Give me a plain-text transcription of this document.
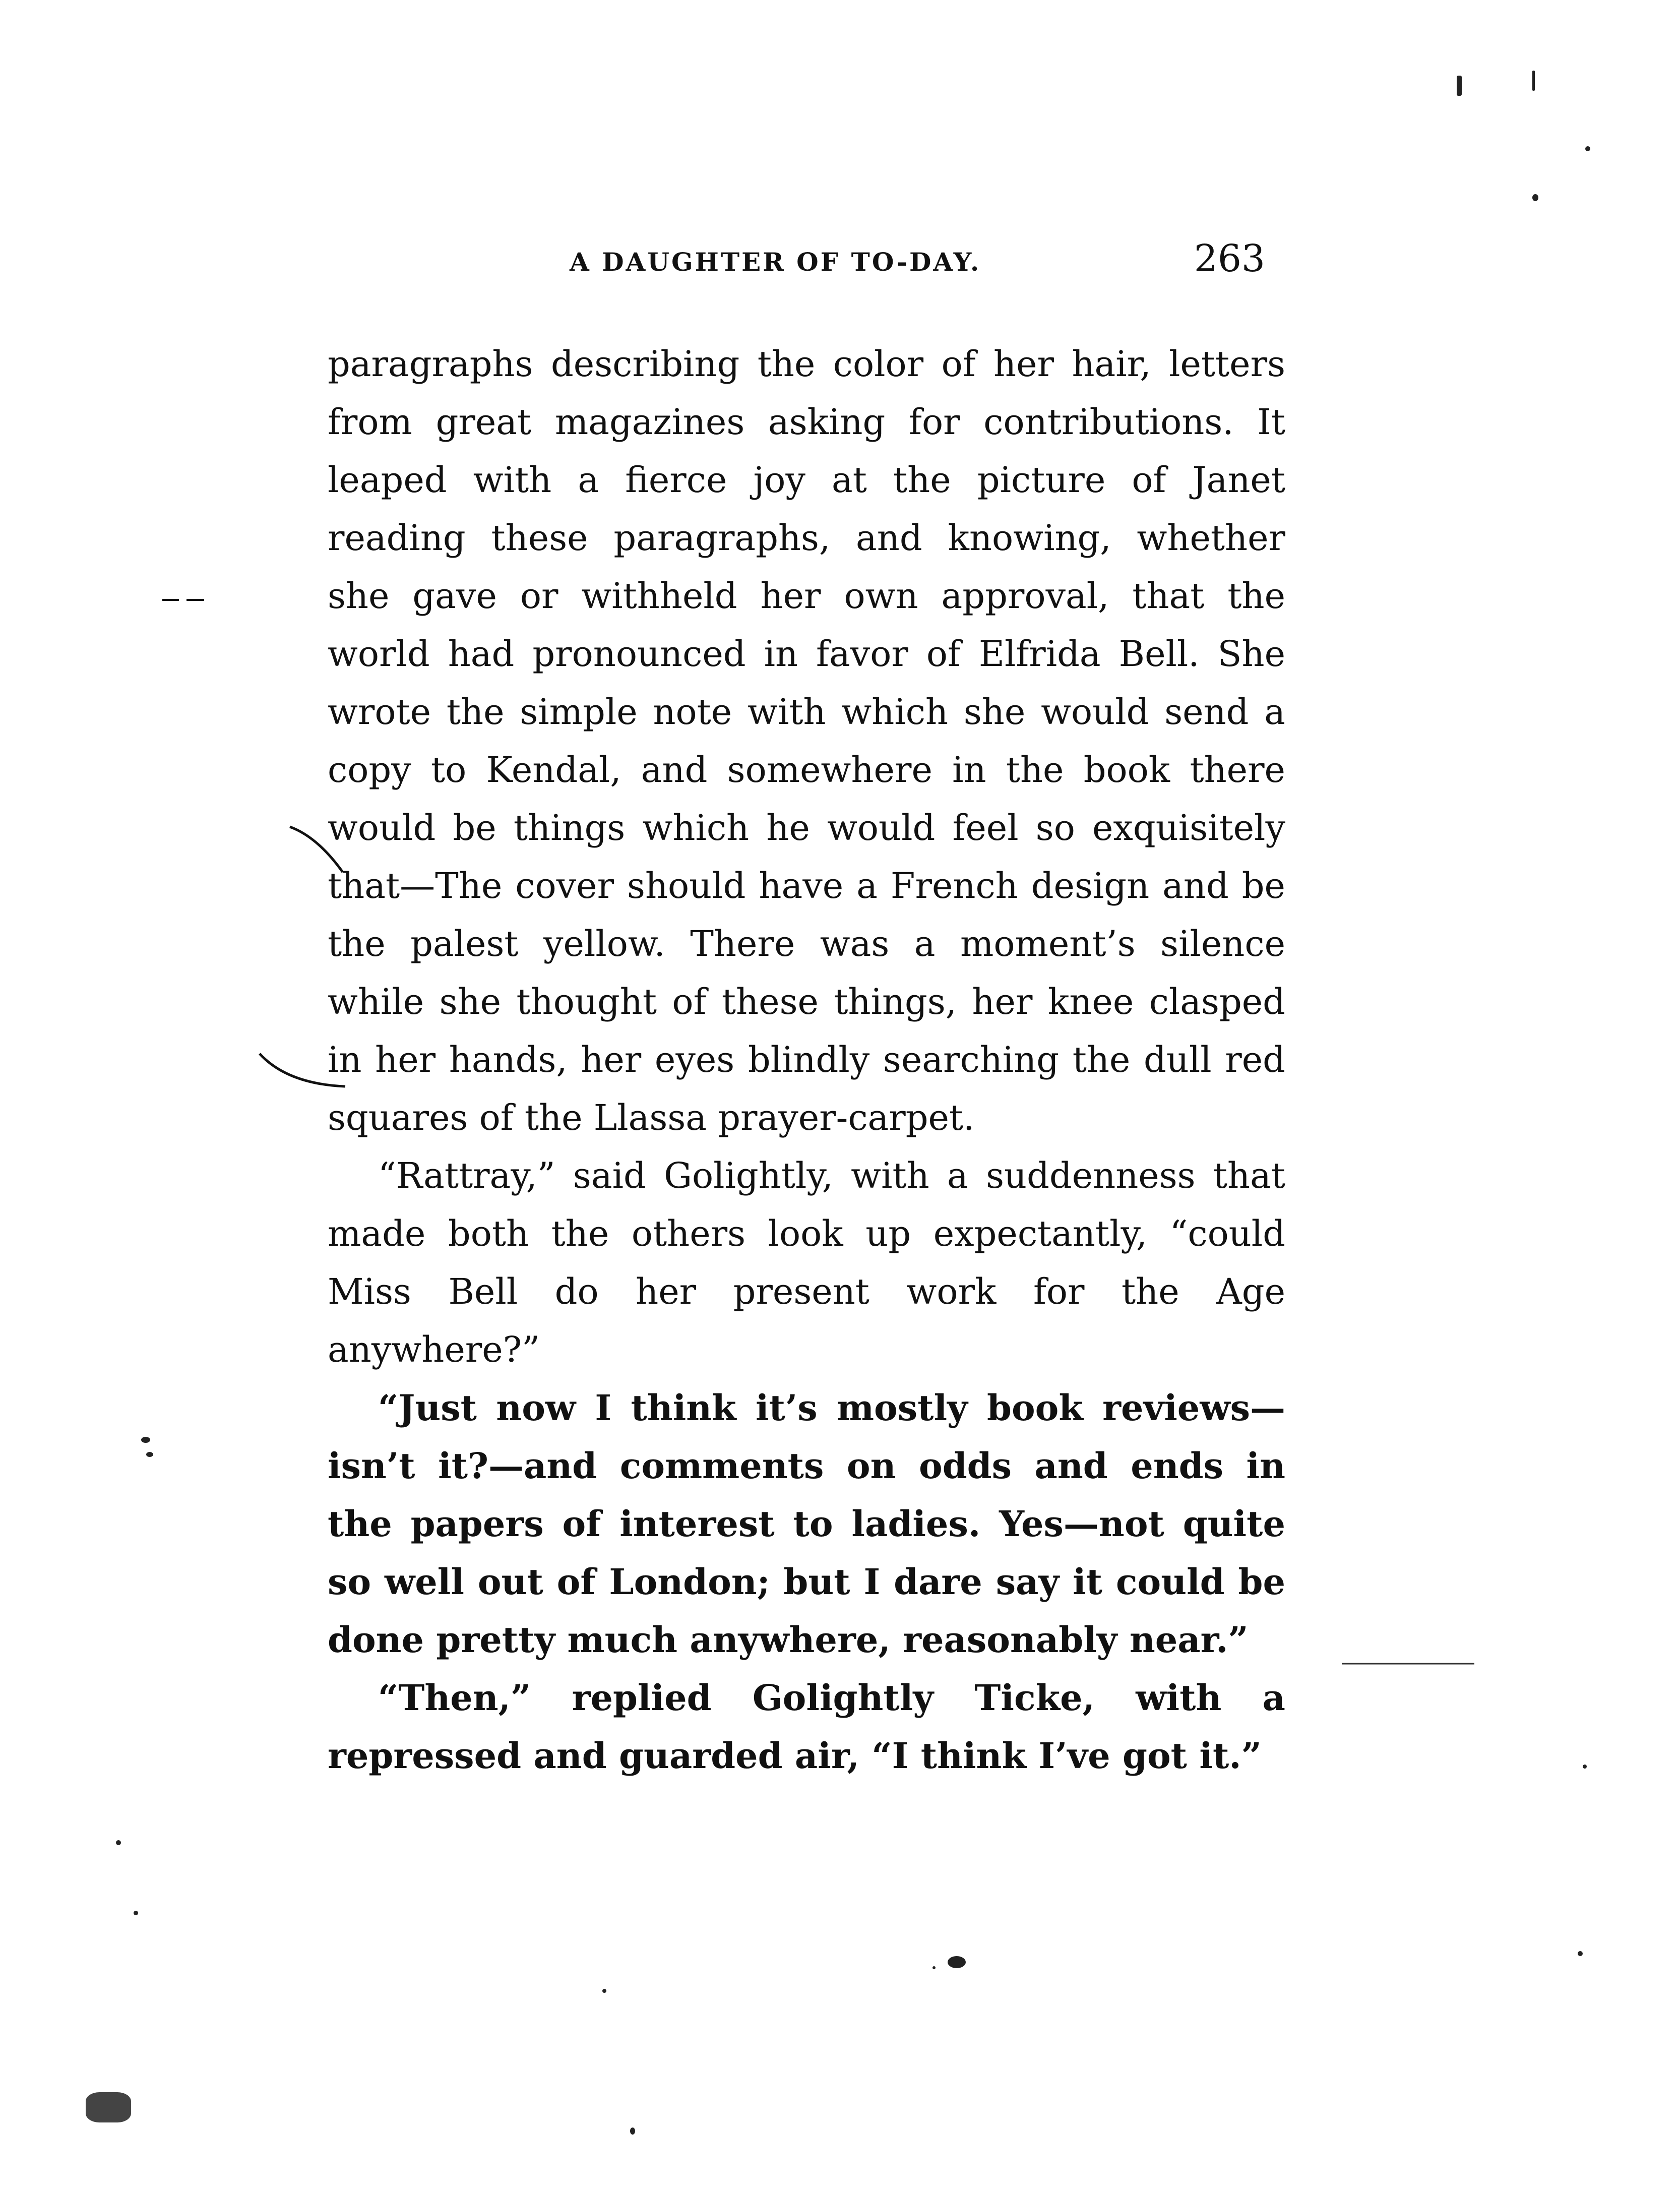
A DAUGHTER OF TO-DAY.	263

paragraphs describing the color of her hair, letters from great magazines asking for contributions. It leaped with a fierce joy at the picture of Janet reading these paragraphs, and knowing, whether she gave or withheld her own approval, that the world had pronounced in favor of Elfrida Bell. She wrote the simple note with which she would send a copy to Kendal, and somewhere in the book there would be things which he would feel so exquisitely that—The cover should have a French design and be the palest yellow. There was a moment’s silence while she thought of these things, her knee clasped in her hands, her eyes blindly searching the dull red squares of the Llassa prayer-carpet.

“Rattray,” said Golightly, with a suddenness that made both the others look up expectantly, “could Miss Bell do her present work for the Age anywhere?”

“Just now I think it’s mostly book reviews—isn’t it?—and comments on odds and ends in the papers of interest to ladies. Yes—not quite so well out of London; but I dare say it could be done pretty much anywhere, reasonably near.”

“Then,” replied Golightly Ticke, with a repressed and guarded air, “I think I’ve got it.”
